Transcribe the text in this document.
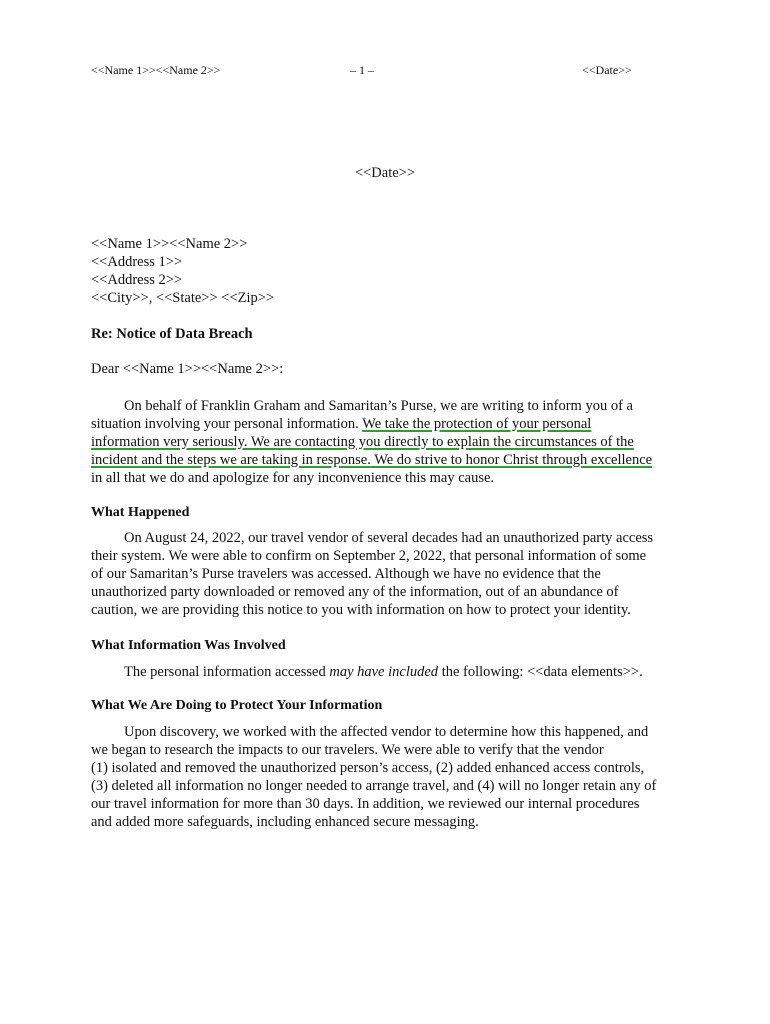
<<Name 1>><<Name 2>>	– 1 –	<<Date>>
<<Date>>
<<Name 1>><<Name 2>>
<<Address 1>>
<<Address 2>>
<<City>>, <<State>> <<Zip>>
Re: Notice of Data Breach
Dear <<Name 1>><<Name 2>>:
On behalf of Franklin Graham and Samaritan’s Purse, we are writing to inform you of a
situation involving your personal information. We take the protection of your personal
information very seriously. We are contacting you directly to explain the circumstances of the
incident and the steps we are taking in response. We do strive to honor Christ through excellence
in all that we do and apologize for any inconvenience this may cause.
What Happened
On August 24, 2022, our travel vendor of several decades had an unauthorized party access
their system. We were able to confirm on September 2, 2022, that personal information of some
of our Samaritan’s Purse travelers was accessed. Although we have no evidence that the
unauthorized party downloaded or removed any of the information, out of an abundance of
caution, we are providing this notice to you with information on how to protect your identity.
What Information Was Involved
The personal information accessed may have included the following: <<data elements>>.
What We Are Doing to Protect Your Information
Upon discovery, we worked with the affected vendor to determine how this happened, and
we began to research the impacts to our travelers. We were able to verify that the vendor
(1) isolated and removed the unauthorized person’s access, (2) added enhanced access controls,
(3) deleted all information no longer needed to arrange travel, and (4) will no longer retain any of
our travel information for more than 30 days. In addition, we reviewed our internal procedures
and added more safeguards, including enhanced secure messaging.
